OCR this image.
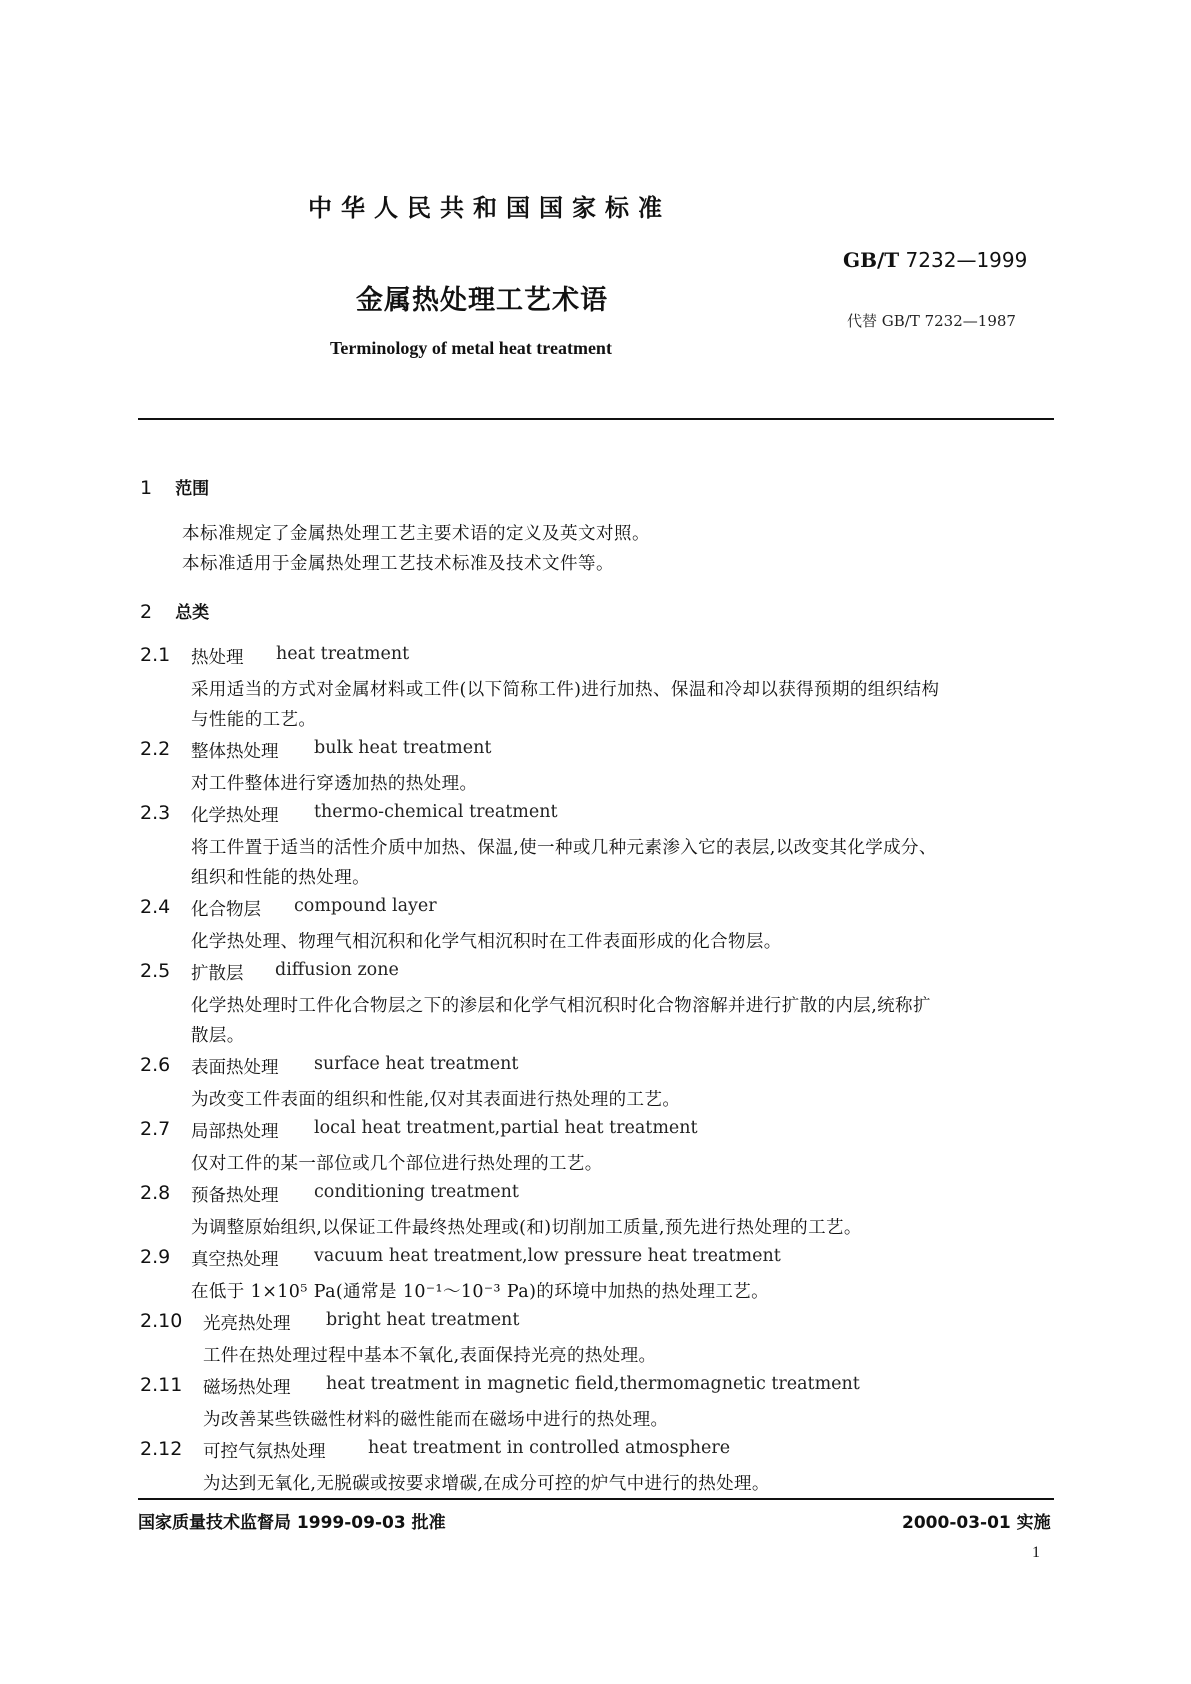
中华人民共和国国家标准
GB/T 7232—1999
金属热处理工艺术语
代替 GB/T 7232—1987
Terminology of metal heat treatment
1 范围
本标准规定了金属热处理工艺主要术语的定义及英文对照。
本标准适用于金属热处理工艺技术标准及技术文件等。
2 总类
2.1 热处理 heat treatment
采用适当的方式对金属材料或工件(以下简称工件)进行加热、保温和冷却以获得预期的组织结构
与性能的工艺。
2.2 整体热处理 bulk heat treatment
对工件整体进行穿透加热的热处理。
2.3 化学热处理 thermo-chemical treatment
将工件置于适当的活性介质中加热、保温,使一种或几种元素渗入它的表层,以改变其化学成分、
组织和性能的热处理。
2.4 化合物层 compound layer
化学热处理、物理气相沉积和化学气相沉积时在工件表面形成的化合物层。
2.5 扩散层 diffusion zone
化学热处理时工件化合物层之下的渗层和化学气相沉积时化合物溶解并进行扩散的内层,统称扩
散层。
2.6 表面热处理 surface heat treatment
为改变工件表面的组织和性能,仅对其表面进行热处理的工艺。
2.7 局部热处理 local heat treatment,partial heat treatment
仅对工件的某一部位或几个部位进行热处理的工艺。
2.8 预备热处理 conditioning treatment
为调整原始组织,以保证工件最终热处理或(和)切削加工质量,预先进行热处理的工艺。
2.9 真空热处理 vacuum heat treatment,low pressure heat treatment
在低于 1×10⁵ Pa(通常是 10⁻¹～10⁻³ Pa)的环境中加热的热处理工艺。
2.10 光亮热处理 bright heat treatment
工件在热处理过程中基本不氧化,表面保持光亮的热处理。
2.11 磁场热处理 heat treatment in magnetic field,thermomagnetic treatment
为改善某些铁磁性材料的磁性能而在磁场中进行的热处理。
2.12 可控气氛热处理 heat treatment in controlled atmosphere
为达到无氧化,无脱碳或按要求增碳,在成分可控的炉气中进行的热处理。
国家质量技术监督局 1999-09-03 批准	2000-03-01 实施
1
